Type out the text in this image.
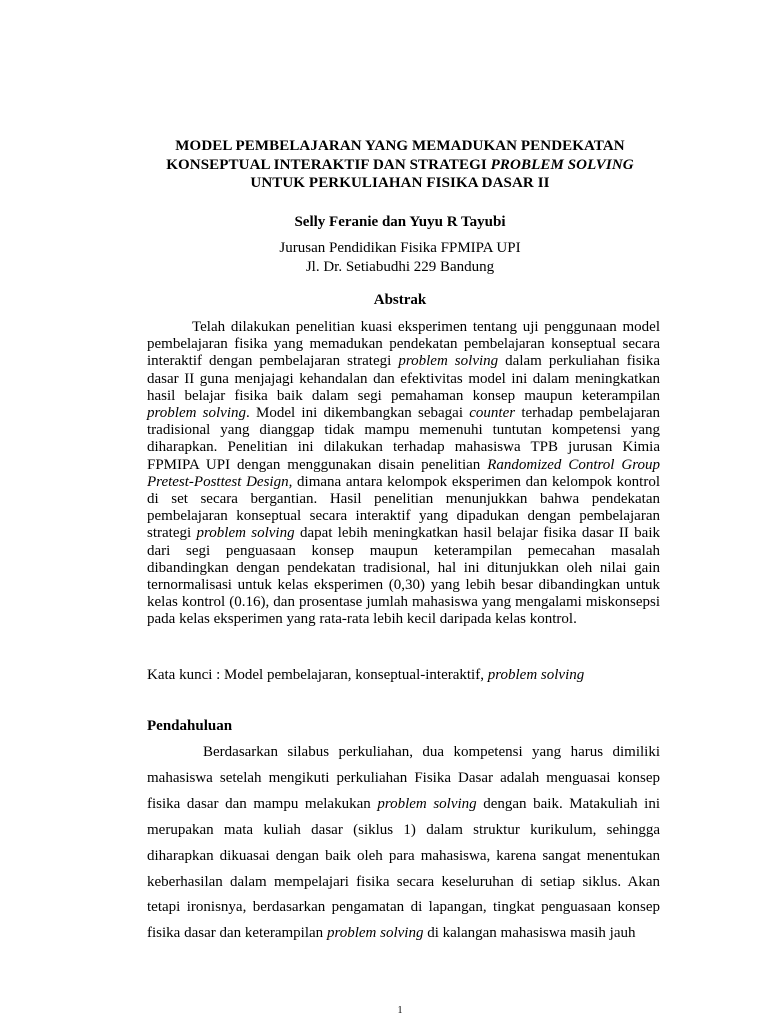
MODEL PEMBELAJARAN YANG MEMADUKAN PENDEKATAN
KONSEPTUAL INTERAKTIF DAN STRATEGI PROBLEM SOLVING
UNTUK PERKULIAHAN FISIKA DASAR II
Selly Feranie dan Yuyu R Tayubi
Jurusan Pendidikan Fisika FPMIPA UPI
Jl. Dr. Setiabudhi 229 Bandung
Abstrak

Telah dilakukan penelitian kuasi eksperimen tentang uji penggunaan model pembelajaran fisika yang memadukan pendekatan pembelajaran konseptual secara interaktif dengan pembelajaran strategi problem solving dalam perkuliahan fisika dasar II guna menjajagi kehandalan dan efektivitas model ini dalam meningkatkan hasil belajar fisika baik dalam segi pemahaman konsep maupun keterampilan problem solving. Model ini dikembangkan sebagai counter terhadap pembelajaran tradisional yang dianggap tidak mampu memenuhi tuntutan kompetensi yang diharapkan. Penelitian ini dilakukan terhadap mahasiswa TPB jurusan Kimia FPMIPA UPI dengan menggunakan disain penelitian Randomized Control Group Pretest-Posttest Design, dimana antara kelompok eksperimen dan kelompok kontrol di set secara bergantian. Hasil penelitian menunjukkan bahwa pendekatan pembelajaran konseptual secara interaktif yang dipadukan dengan pembelajaran strategi problem solving dapat lebih meningkatkan hasil belajar fisika dasar II baik dari segi penguasaan konsep maupun keterampilan pemecahan masalah dibandingkan dengan pendekatan tradisional, hal ini ditunjukkan oleh nilai gain ternormalisasi untuk kelas eksperimen (0,30) yang lebih besar dibandingkan untuk kelas kontrol (0.16), dan prosentase jumlah mahasiswa yang mengalami miskonsepsi pada kelas eksperimen yang rata-rata lebih kecil daripada kelas kontrol.

Kata kunci : Model pembelajaran, konseptual-interaktif, problem solving
Pendahuluan

Berdasarkan silabus perkuliahan, dua kompetensi yang harus dimiliki mahasiswa setelah mengikuti perkuliahan Fisika Dasar adalah menguasai konsep fisika dasar dan mampu melakukan problem solving dengan baik. Matakuliah ini merupakan mata kuliah dasar (siklus 1) dalam struktur kurikulum, sehingga diharapkan dikuasai dengan baik oleh para mahasiswa, karena sangat menentukan keberhasilan dalam mempelajari fisika secara keseluruhan di setiap siklus. Akan tetapi ironisnya, berdasarkan pengamatan di lapangan, tingkat penguasaan konsep fisika dasar dan keterampilan problem solving di kalangan mahasiswa masih jauh

1
